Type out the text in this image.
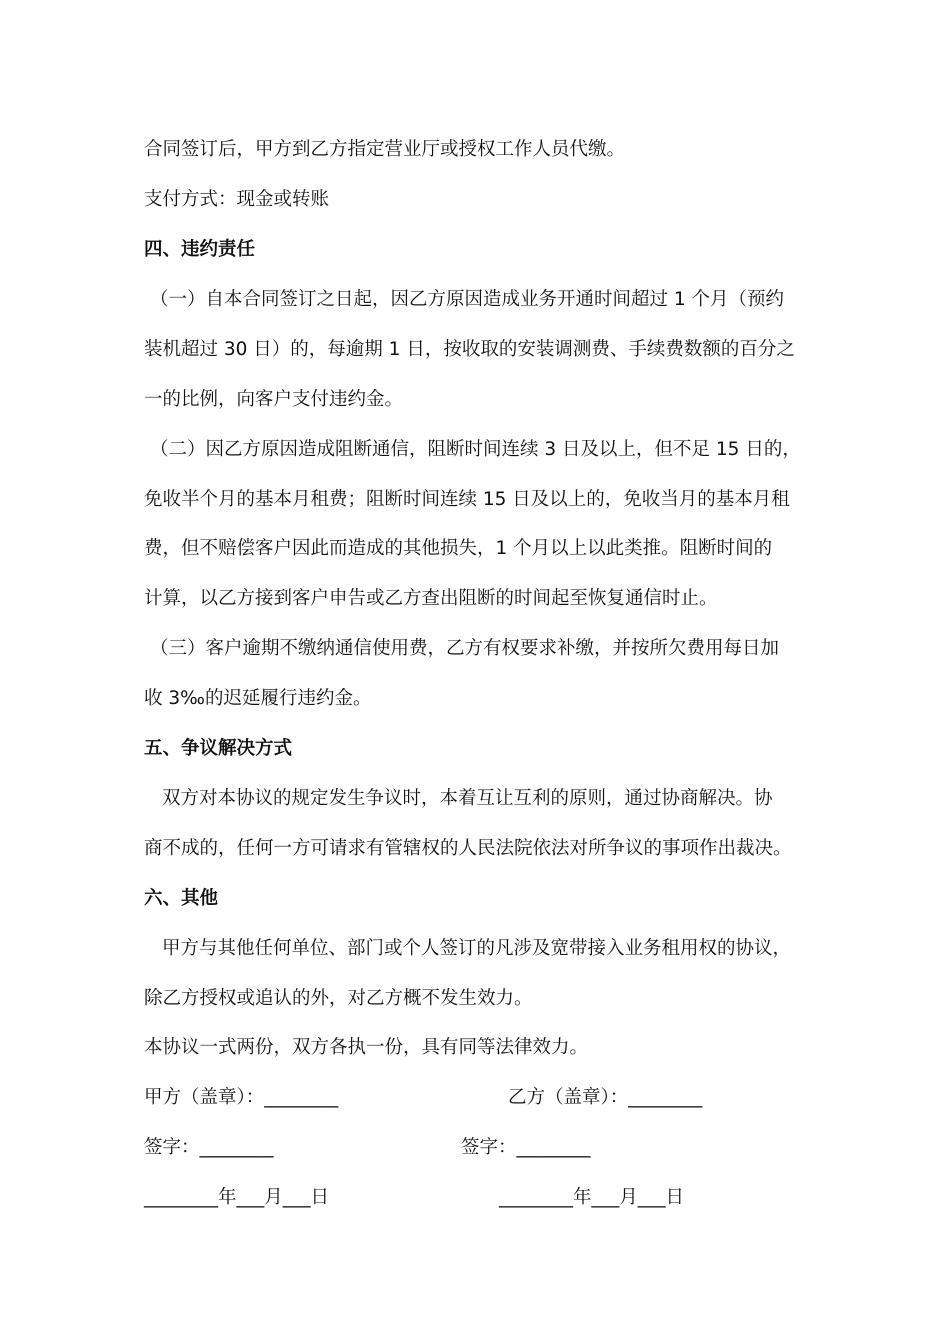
合同签订后，甲方到乙方指定营业厅或授权工作人员代缴。
支付方式：现金或转账
四、违约责任
（一）自本合同签订之日起，因乙方原因造成业务开通时间超过 1 个月（预约
装机超过 30 日）的，每逾期 1 日，按收取的安装调测费、手续费数额的百分之
一的比例，向客户支付违约金。
（二）因乙方原因造成阻断通信，阻断时间连续 3 日及以上，但不足 15 日的，
免收半个月的基本月租费；阻断时间连续 15 日及以上的，免收当月的基本月租
费，但不赔偿客户因此而造成的其他损失，1 个月以上以此类推。阻断时间的
计算，以乙方接到客户申告或乙方查出阻断的时间起至恢复通信时止。
（三）客户逾期不缴纳通信使用费，乙方有权要求补缴，并按所欠费用每日加
收 3‰的迟延履行违约金。
五、争议解决方式
双方对本协议的规定发生争议时，本着互让互利的原则，通过协商解决。协
商不成的，任何一方可请求有管辖权的人民法院依法对所争议的事项作出裁决。
六、其他
甲方与其他任何单位、部门或个人签订的凡涉及宽带接入业务租用权的协议，
除乙方授权或追认的外，对乙方概不发生效力。
本协议一式两份，双方各执一份，具有同等法律效力。
甲方（盖章）：________	乙方（盖章）：________
签字：________	签字：________
________年___月___日	________年___月___日
